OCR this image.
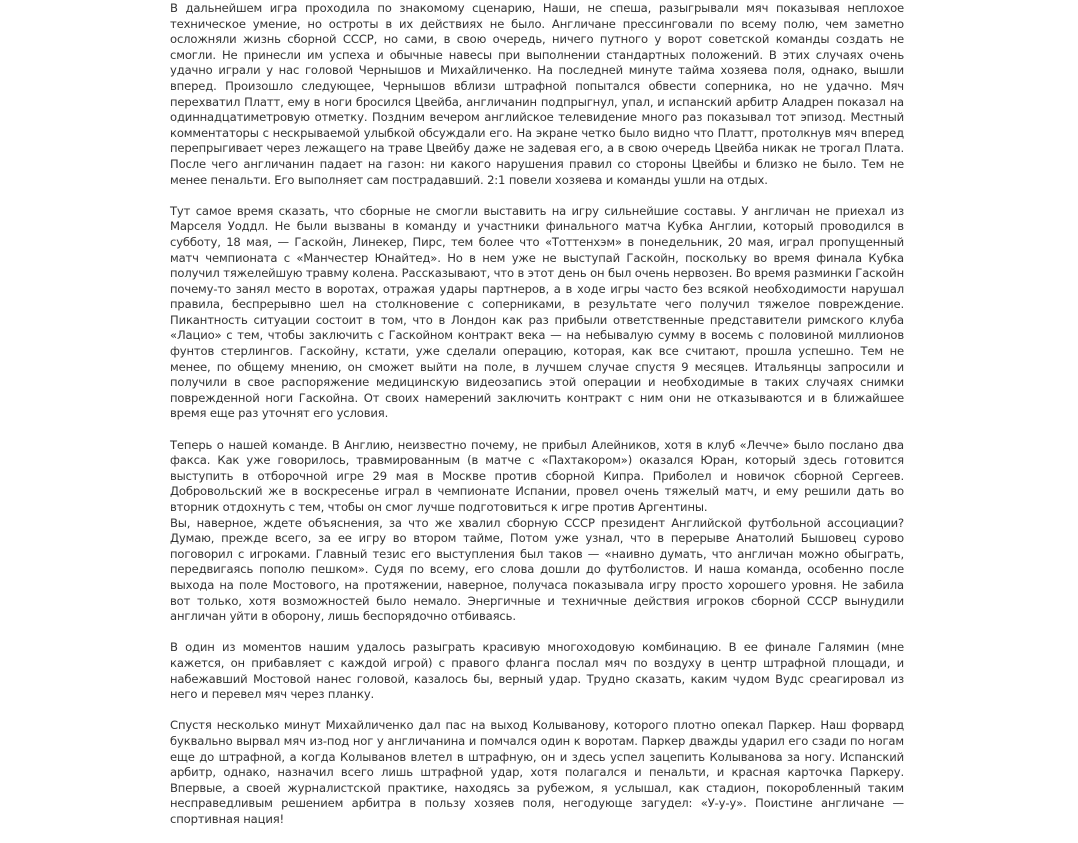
В дальнейшем игра проходила по знакомому сценарию, Наши, не спеша, разыгрывали мяч показывая неплохое техническое умение, но остроты в их действиях не было. Англичане прессинговали по всему полю, чем заметно осложняли жизнь сборной СССР, но сами, в свою очередь, ничего путного у ворот советской команды создать не смогли. Не принесли им успеха и обычные навесы при выполнении стандартных положений. В этих случаях очень удачно играли у нас головой Чернышов и Михайличенко. На последней минуте тайма хозяева поля, однако, вышли вперед. Произошло следующее, Чернышов вблизи штрафной попытался обвести соперника, но не удачно. Мяч перехватил Платт, ему в ноги бросился Цвейба, англичанин подпрыгнул, упал, и испанский арбитр Аладрен показал на одиннадцатиметровую отметку. Поздним вечером английское телевидение много раз показывал тот эпизод. Местный комментаторы с нескрываемой улыбкой обсуждали его. На экране четко было видно что Платт, протолкнув мяч вперед перепрыгивает через лежащего на траве Цвейбу даже не задевая его, а в свою очередь Цвейба никак не трогал Плата. После чего англичанин падает на газон: ни какого нарушения правил со стороны Цвейбы и близко не было. Тем не менее пенальти. Его выполняет сам пострадавший. 2:1 повели хозяева и команды ушли на отдых.

Тут самое время сказать, что сборные не смогли выставить на игру сильнейшие составы. У англичан не приехал из Марселя Уоддл. Не были вызваны в команду и участники финального матча Кубка Англии, который проводился в субботу, 18 мая, — Гаскойн, Линекер, Пирс, тем более что «Тоттенхэм» в понедельник, 20 мая, играл пропущенный матч чемпионата с «Манчестер Юнайтед». Но в нем уже не выступай Гаскойн, поскольку во время финала Кубка получил тяжелейшую травму колена. Рассказывают, что в этот день он был очень нервозен. Во время разминки Гаскойн почему-то занял место в воротах, отражая удары партнеров, а в ходе игры часто без всякой необходимости нарушал правила, беспрерывно шел на столкновение с соперниками, в результате чего получил тяжелое повреждение. Пикантность ситуации состоит в том, что в Лондон как раз прибыли ответственные представители римского клуба «Лацио» с тем, чтобы заключить с Гаскойном контракт века — на небывалую сумму в восемь с половиной миллионов фунтов стерлингов. Гаскойну, кстати, уже сделали операцию, которая, как все считают, прошла успешно. Тем не менее, по общему мнению, он сможет выйти на поле, в лучшем случае спустя 9 месяцев. Итальянцы запросили и получили в свое распоряжение медицинскую видеозапись этой операции и необходимые в таких случаях снимки поврежденной ноги Гаскойна. От своих намерений заключить контракт с ним они не отказываются и в ближайшее время еще раз уточнят его условия.

Теперь о нашей команде. В Англию, неизвестно почему, не прибыл Алейников, хотя в клуб «Лечче» было послано два факса. Как уже говорилось, травмированным (в матче с «Пахтакором») оказался Юран, который здесь готовится выступить в отборочной игре 29 мая в Москве против сборной Кипра. Приболел и новичок сборной Сергеев. Добровольский же в воскресенье играл в чемпионате Испании, провел очень тяжелый матч, и ему решили дать во вторник отдохнуть с тем, чтобы он смог лучше подготовиться к игре против Аргентины.

Вы, наверное, ждете объяснения, за что же хвалил сборную СССР президент Английской футбольной ассоциации? Думаю, прежде всего, за ее игру во втором тайме, Потом уже узнал, что в перерыве Анатолий Бышовец сурово поговорил с игроками. Главный тезис его выступления был таков — «наивно думать, что англичан можно обыграть, передвигаясь пополю пешком». Судя по всему, его слова дошли до футболистов. И наша команда, особенно после выхода на поле Мостового, на протяжении, наверное, получаса показывала игру просто хорошего уровня. Не забила вот только, хотя возможностей было немало. Энергичные и техничные действия игроков сборной СССР вынудили англичан уйти в оборону, лишь беспорядочно отбиваясь.

В один из моментов нашим удалось разыграть красивую многоходовую комбинацию. В ее финале Галямин (мне кажется, он прибавляет с каждой игрой) с правого фланга послал мяч по воздуху в центр штрафной площади, и набежавший Мостовой нанес головой, казалось бы, верный удар. Трудно сказать, каким чудом Вудс среагировал из него и перевел мяч через планку.

Спустя несколько минут Михайличенко дал пас на выход Колыванову, которого плотно опекал Паркер. Наш форвард буквально вырвал мяч из-под ног у англичанина и помчался один к воротам. Паркер дважды ударил его сзади по ногам еще до штрафной, а когда Колыванов влетел в штрафную, он и здесь успел зацепить Колыванова за ногу. Испанский арбитр, однако, назначил всего лишь штрафной удар, хотя полагался и пенальти, и красная карточка Паркеру. Впервые, а своей журналистской практике, находясь за рубежом, я услышал, как стадион, покоробленный таким несправедливым решением арбитра в пользу хозяев поля, негодующе загудел: «У-у-у». Поистине англичане — спортивная нация!
